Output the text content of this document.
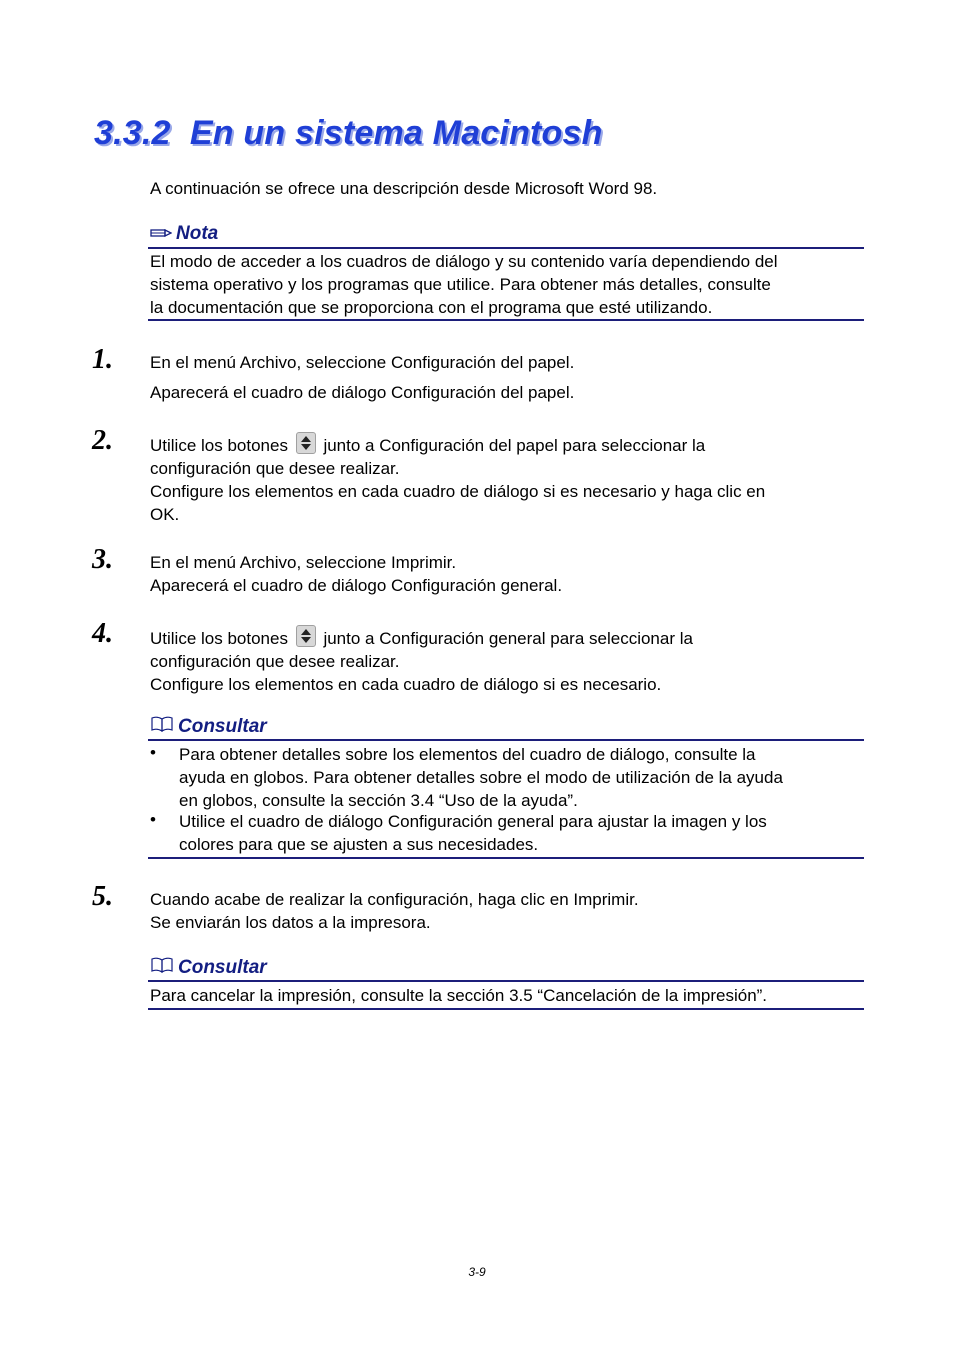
3.3.2 En un sistema Macintosh
A continuación se ofrece una descripción desde Microsoft Word 98.
Nota
El modo de acceder a los cuadros de diálogo y su contenido varía dependiendo del
sistema operativo y los programas que utilice. Para obtener más detalles, consulte
la documentación que se proporciona con el programa que esté utilizando.
1. En el menú Archivo, seleccione Configuración del papel.
Aparecerá el cuadro de diálogo Configuración del papel.
2. Utilice los botones junto a Configuración del papel para seleccionar la
configuración que desee realizar.
Configure los elementos en cada cuadro de diálogo si es necesario y haga clic en
OK.
3. En el menú Archivo, seleccione Imprimir.
Aparecerá el cuadro de diálogo Configuración general.
4. Utilice los botones junto a Configuración general para seleccionar la
configuración que desee realizar.
Configure los elementos en cada cuadro de diálogo si es necesario.
Consultar
• Para obtener detalles sobre los elementos del cuadro de diálogo, consulte la
ayuda en globos. Para obtener detalles sobre el modo de utilización de la ayuda
en globos, consulte la sección 3.4 “Uso de la ayuda”.
• Utilice el cuadro de diálogo Configuración general para ajustar la imagen y los
colores para que se ajusten a sus necesidades.
5. Cuando acabe de realizar la configuración, haga clic en Imprimir.
Se enviarán los datos a la impresora.
Consultar
Para cancelar la impresión, consulte la sección 3.5 “Cancelación de la impresión”.
3-9
